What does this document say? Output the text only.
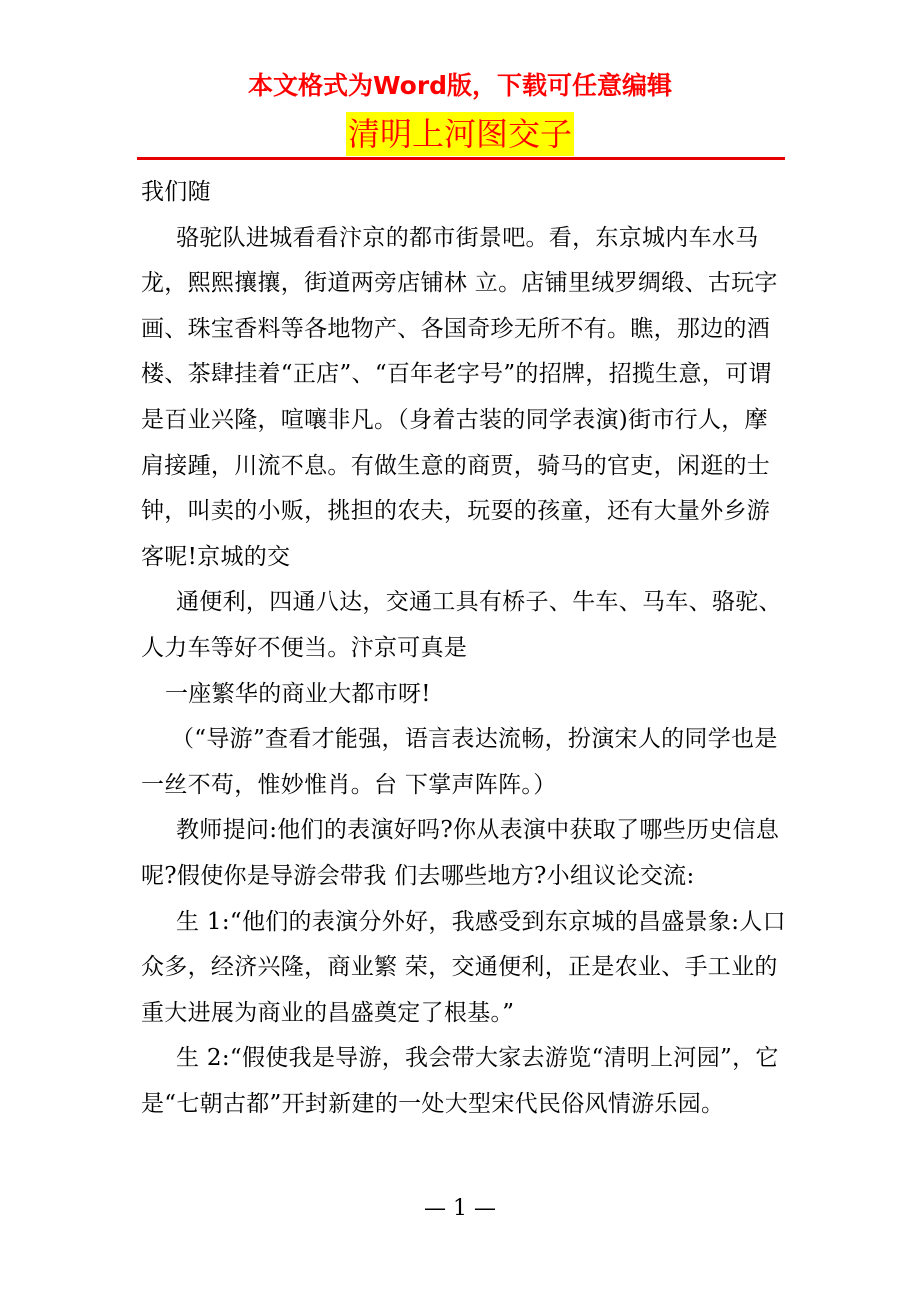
本文格式为Word版，下载可任意编辑
清明上河图交子

我们随

骆驼队进城看看汴京的都市街景吧。看，东京城内车水马龙，熙熙攘攘，街道两旁店铺林 立。店铺里绒罗绸缎、古玩字画、珠宝香料等各地物产、各国奇珍无所不有。瞧，那边的酒 楼、茶肆挂着“正店”、“百年老字号”的招牌，招揽生意，可谓是百业兴隆，喧嚷非凡。（身着古装的同学表演)街市行人，摩肩接踵，川流不息。有做生意的商贾，骑马的官吏，闲逛的士钟，叫卖的小贩，挑担的农夫，玩耍的孩童，还有大量外乡游客呢!京城的交

通便利，四通八达，交通工具有桥子、牛车、马车、骆驼、人力车等好不便当。汴京可真是

一座繁华的商业大都市呀!

（“导游”查看才能强，语言表达流畅，扮演宋人的同学也是一丝不苟，惟妙惟肖。台 下掌声阵阵。）

教师提问:他们的表演好吗?你从表演中获取了哪些历史信息呢?假使你是导游会带我 们去哪些地方?小组议论交流:

生 1:“他们的表演分外好，我感受到东京城的昌盛景象:人口众多，经济兴隆，商业繁 荣，交通便利，正是农业、手工业的重大进展为商业的昌盛奠定了根基。”

生 2:“假使我是导游，我会带大家去游览“清明上河园”，它是“七朝古都”开封新建的一处大型宋代民俗风情游乐园。

— 1 —
